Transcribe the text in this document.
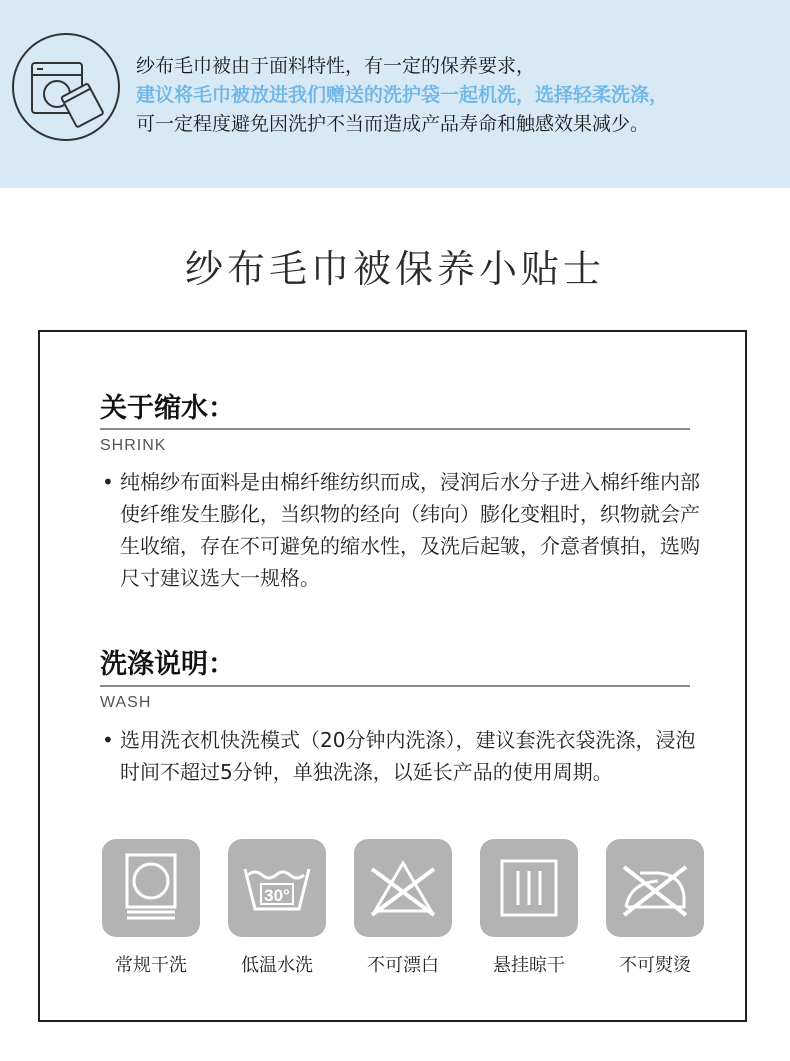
纱布毛巾被由于面料特性，有一定的保养要求，
建议将毛巾被放进我们赠送的洗护袋一起机洗，选择轻柔洗涤，
可一定程度避免因洗护不当而造成产品寿命和触感效果减少。
纱布毛巾被保养小贴士
关于缩水：
SHRINK
• 纯棉纱布面料是由棉纤维纺织而成，浸润后水分子进入棉纤维内部使纤维发生膨化，当织物的经向（纬向）膨化变粗时，织物就会产生收缩，存在不可避免的缩水性，及洗后起皱，介意者慎拍，选购尺寸建议选大一规格。
洗涤说明：
WASH
• 选用洗衣机快洗模式（20分钟内洗涤），建议套洗衣袋洗涤，浸泡时间不超过5分钟，单独洗涤，以延长产品的使用周期。
常规干洗
30°
低温水洗	不可漂白	悬挂晾干	不可熨烫
